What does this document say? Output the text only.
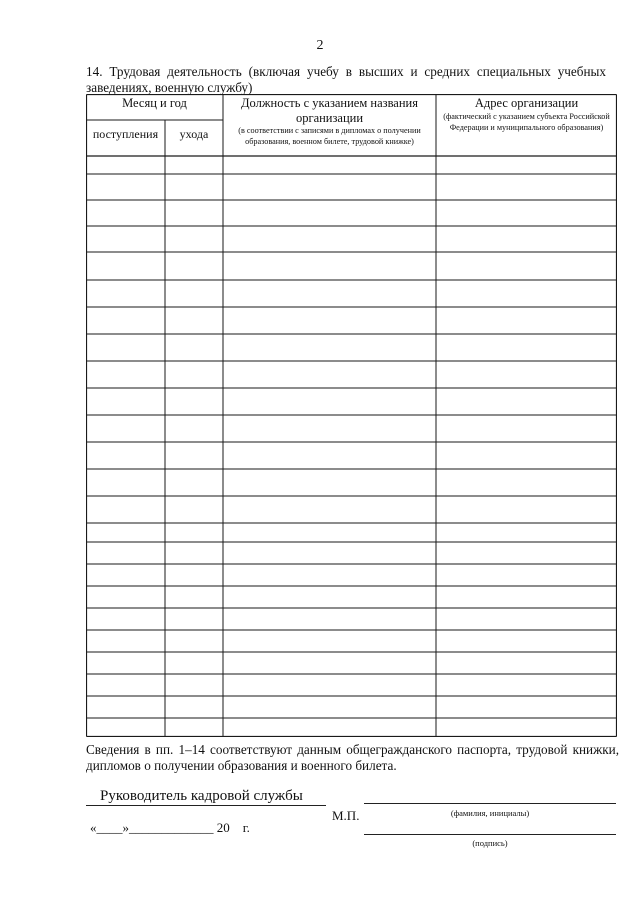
2
14. Трудовая деятельность (включая учебу в высших и средних специальных учебных заведениях, военную службу)
Месяц и год
поступления	ухода
Должность с указанием названия организации
(в соответствии с записями в дипломах о получении образования, военном билете, трудовой книжке)
Адрес организации
(фактический с указанием субъекта Российской Федерации и муниципального образования)
Сведения в пп. 1–14 соответствуют данным общегражданского паспорта, трудовой книжки, дипломов о получении образования и военного билета.
Руководитель кадровой службы
М.П.	(фамилия, инициалы)
«____»_____________ 20    г.
(подпись)
